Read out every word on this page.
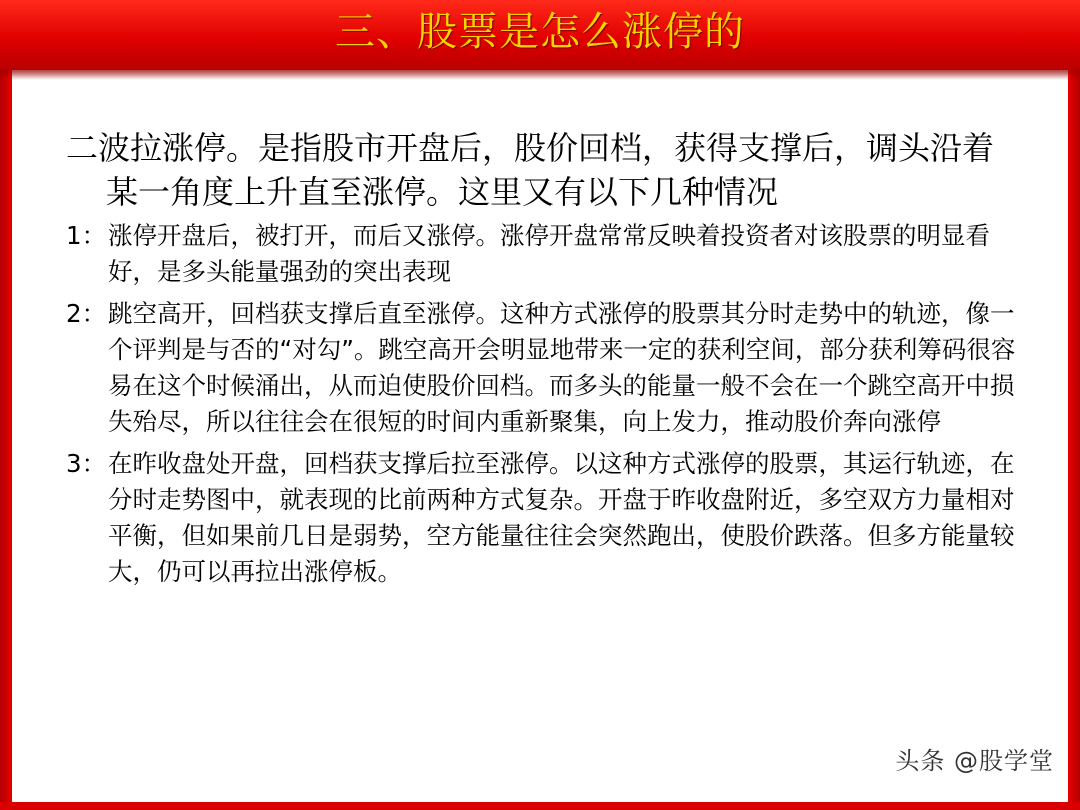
三、股票是怎么涨停的

二波拉涨停。是指股市开盘后，股价回档，获得支撑后，调头沿着某一角度上升直至涨停。这里又有以下几种情况

1： 涨停开盘后，被打开，而后又涨停。涨停开盘常常反映着投资者对该股票的明显看好，是多头能量强劲的突出表现
2： 跳空高开，回档获支撑后直至涨停。这种方式涨停的股票其分时走势中的轨迹，像一个评判是与否的“对勾”。跳空高开会明显地带来一定的获利空间，部分获利筹码很容易在这个时候涌出，从而迫使股价回档。而多头的能量一般不会在一个跳空高开中损失殆尽，所以往往会在很短的时间内重新聚集，向上发力，推动股价奔向涨停
3： 在昨收盘处开盘，回档获支撑后拉至涨停。以这种方式涨停的股票，其运行轨迹，在分时走势图中，就表现的比前两种方式复杂。开盘于昨收盘附近，多空双方力量相对平衡，但如果前几日是弱势，空方能量往往会突然跑出，使股价跌落。但多方能量较大，仍可以再拉出涨停板。
头条 @股学堂
